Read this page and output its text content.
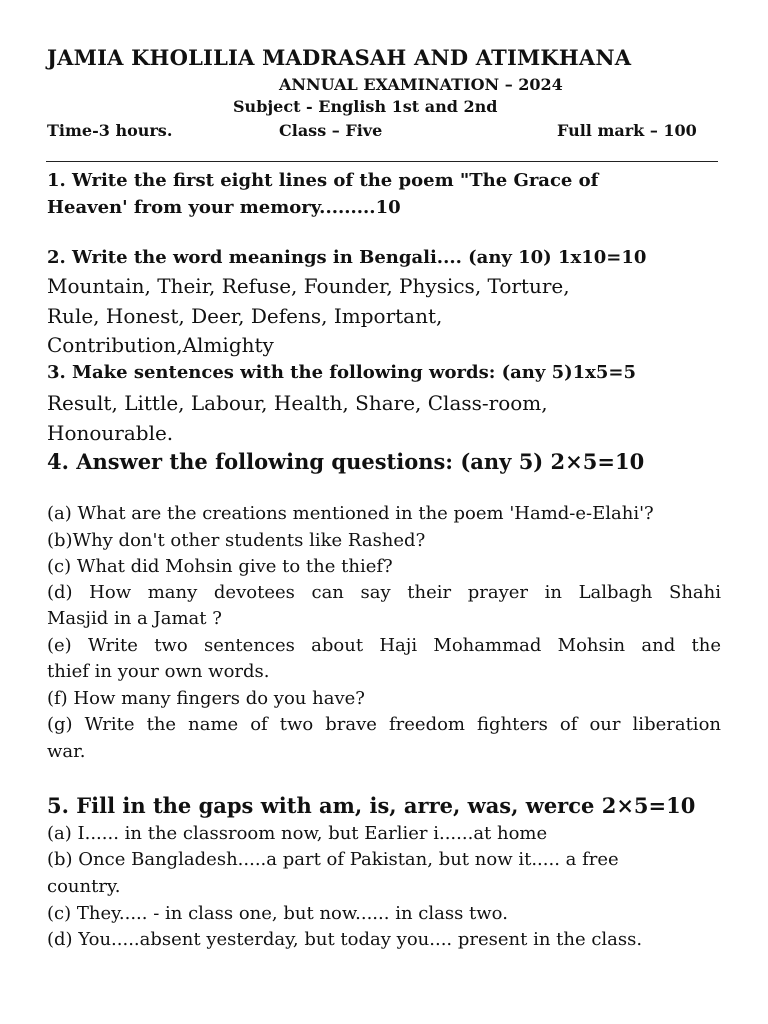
JAMIA KHOLILIA MADRASAH AND ATIMKHANA
ANNUAL EXAMINATION – 2024
Subject - English 1st and 2nd
Time-3 hours.	Class – Five	Full mark – 100
1. Write the first eight lines of the poem "The Grace of
Heaven' from your memory.........10
2. Write the word meanings in Bengali.... (any 10) 1x10=10
Mountain, Their, Refuse, Founder, Physics, Torture,
Rule, Honest, Deer, Defens, Important,
Contribution,Almighty
3. Make sentences with the following words: (any 5)1x5=5
Result, Little, Labour, Health, Share, Class-room,
Honourable.
4. Answer the following questions: (any 5) 2×5=10
(a) What are the creations mentioned in the poem 'Hamd-e-Elahi'?
(b)Why don't other students like Rashed?
(c) What did Mohsin give to the thief?
(d) How many devotees can say their prayer in Lalbagh Shahi
Masjid in a Jamat ?
(e) Write two sentences about Haji Mohammad Mohsin and the
thief in your own words.
(f) How many fingers do you have?
(g) Write the name of two brave freedom fighters of our liberation
war.
5. Fill in the gaps with am, is, arre, was, werce 2×5=10
(a) I...... in the classroom now, but Earlier i......at home
(b) Once Bangladesh.....a part of Pakistan, but now it..... a free
country.
(c) They..... - in class one, but now...... in class two.
(d) You.....absent yesterday, but today you.... present in the class.
